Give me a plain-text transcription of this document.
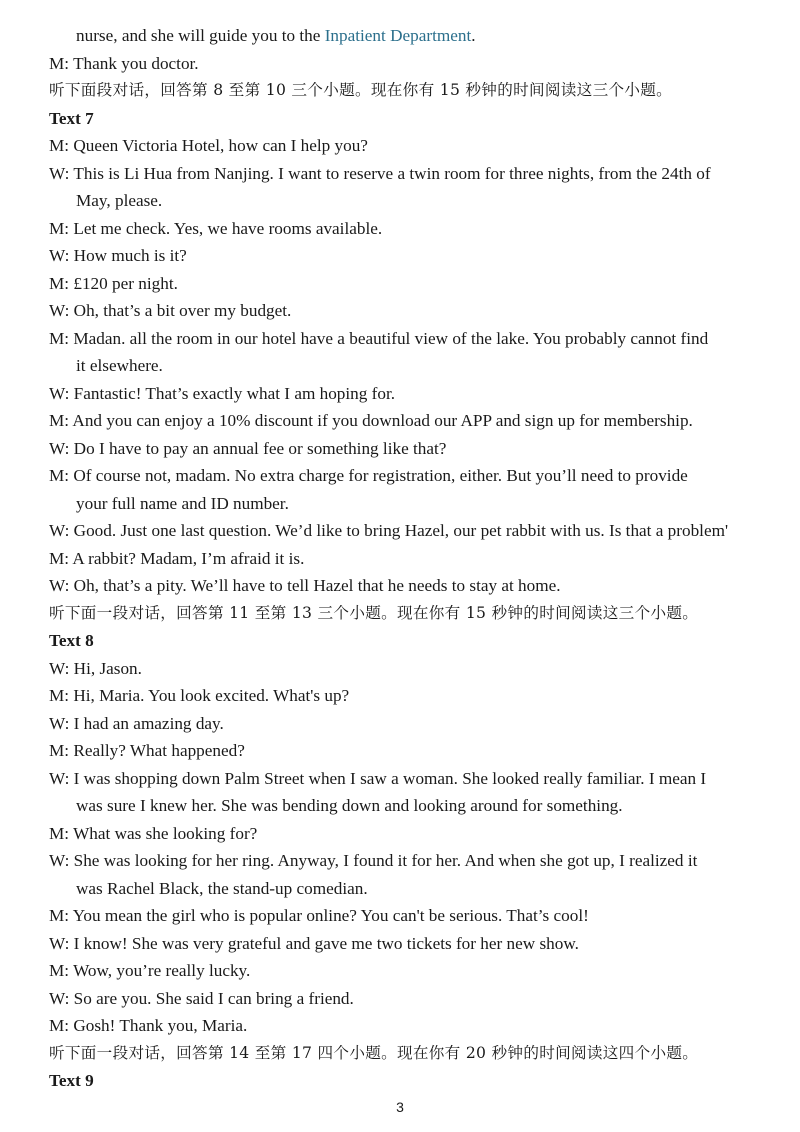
nurse, and she will guide you to the Inpatient Department.
M: Thank you doctor.
听下面段对话，回答第 8 至第 10 三个小题。现在你有 15 秒钟的时间阅读这三个小题。
Text 7
M: Queen Victoria Hotel, how can I help you?
W: This is Li Hua from Nanjing. I want to reserve a twin room for three nights, from the 24th of
May, please.
M: Let me check. Yes, we have rooms available.
W: How much is it?
M: £120 per night.
W: Oh, that’s a bit over my budget.
M: Madan. all the room in our hotel have a beautiful view of the lake. You probably cannot find
it elsewhere.
W: Fantastic! That’s exactly what I am hoping for.
M: And you can enjoy a 10% discount if you download our APP and sign up for membership.
W: Do I have to pay an annual fee or something like that?
M: Of course not, madam. No extra charge for registration, either. But you’ll need to provide
your full name and ID number.
W: Good. Just one last question. We’d like to bring Hazel, our pet rabbit with us. Is that a problem'
M: A rabbit? Madam, I’m afraid it is.
W: Oh, that’s a pity. We’ll have to tell Hazel that he needs to stay at home.
听下面一段对话，回答第 11 至第 13 三个小题。现在你有 15 秒钟的时间阅读这三个小题。
Text 8
W: Hi, Jason.
M: Hi, Maria. You look excited. What's up?
W: I had an amazing day.
M: Really? What happened?
W: I was shopping down Palm Street when I saw a woman. She looked really familiar. I mean I
was sure I knew her. She was bending down and looking around for something.
M: What was she looking for?
W: She was looking for her ring. Anyway, I found it for her. And when she got up, I realized it
was Rachel Black, the stand-up comedian.
M: You mean the girl who is popular online? You can't be serious. That’s cool!
W: I know! She was very grateful and gave me two tickets for her new show.
M: Wow, you’re really lucky.
W: So are you. She said I can bring a friend.
M: Gosh! Thank you, Maria.
听下面一段对话，回答第 14 至第 17 四个小题。现在你有 20 秒钟的时间阅读这四个小题。
Text 9
3
